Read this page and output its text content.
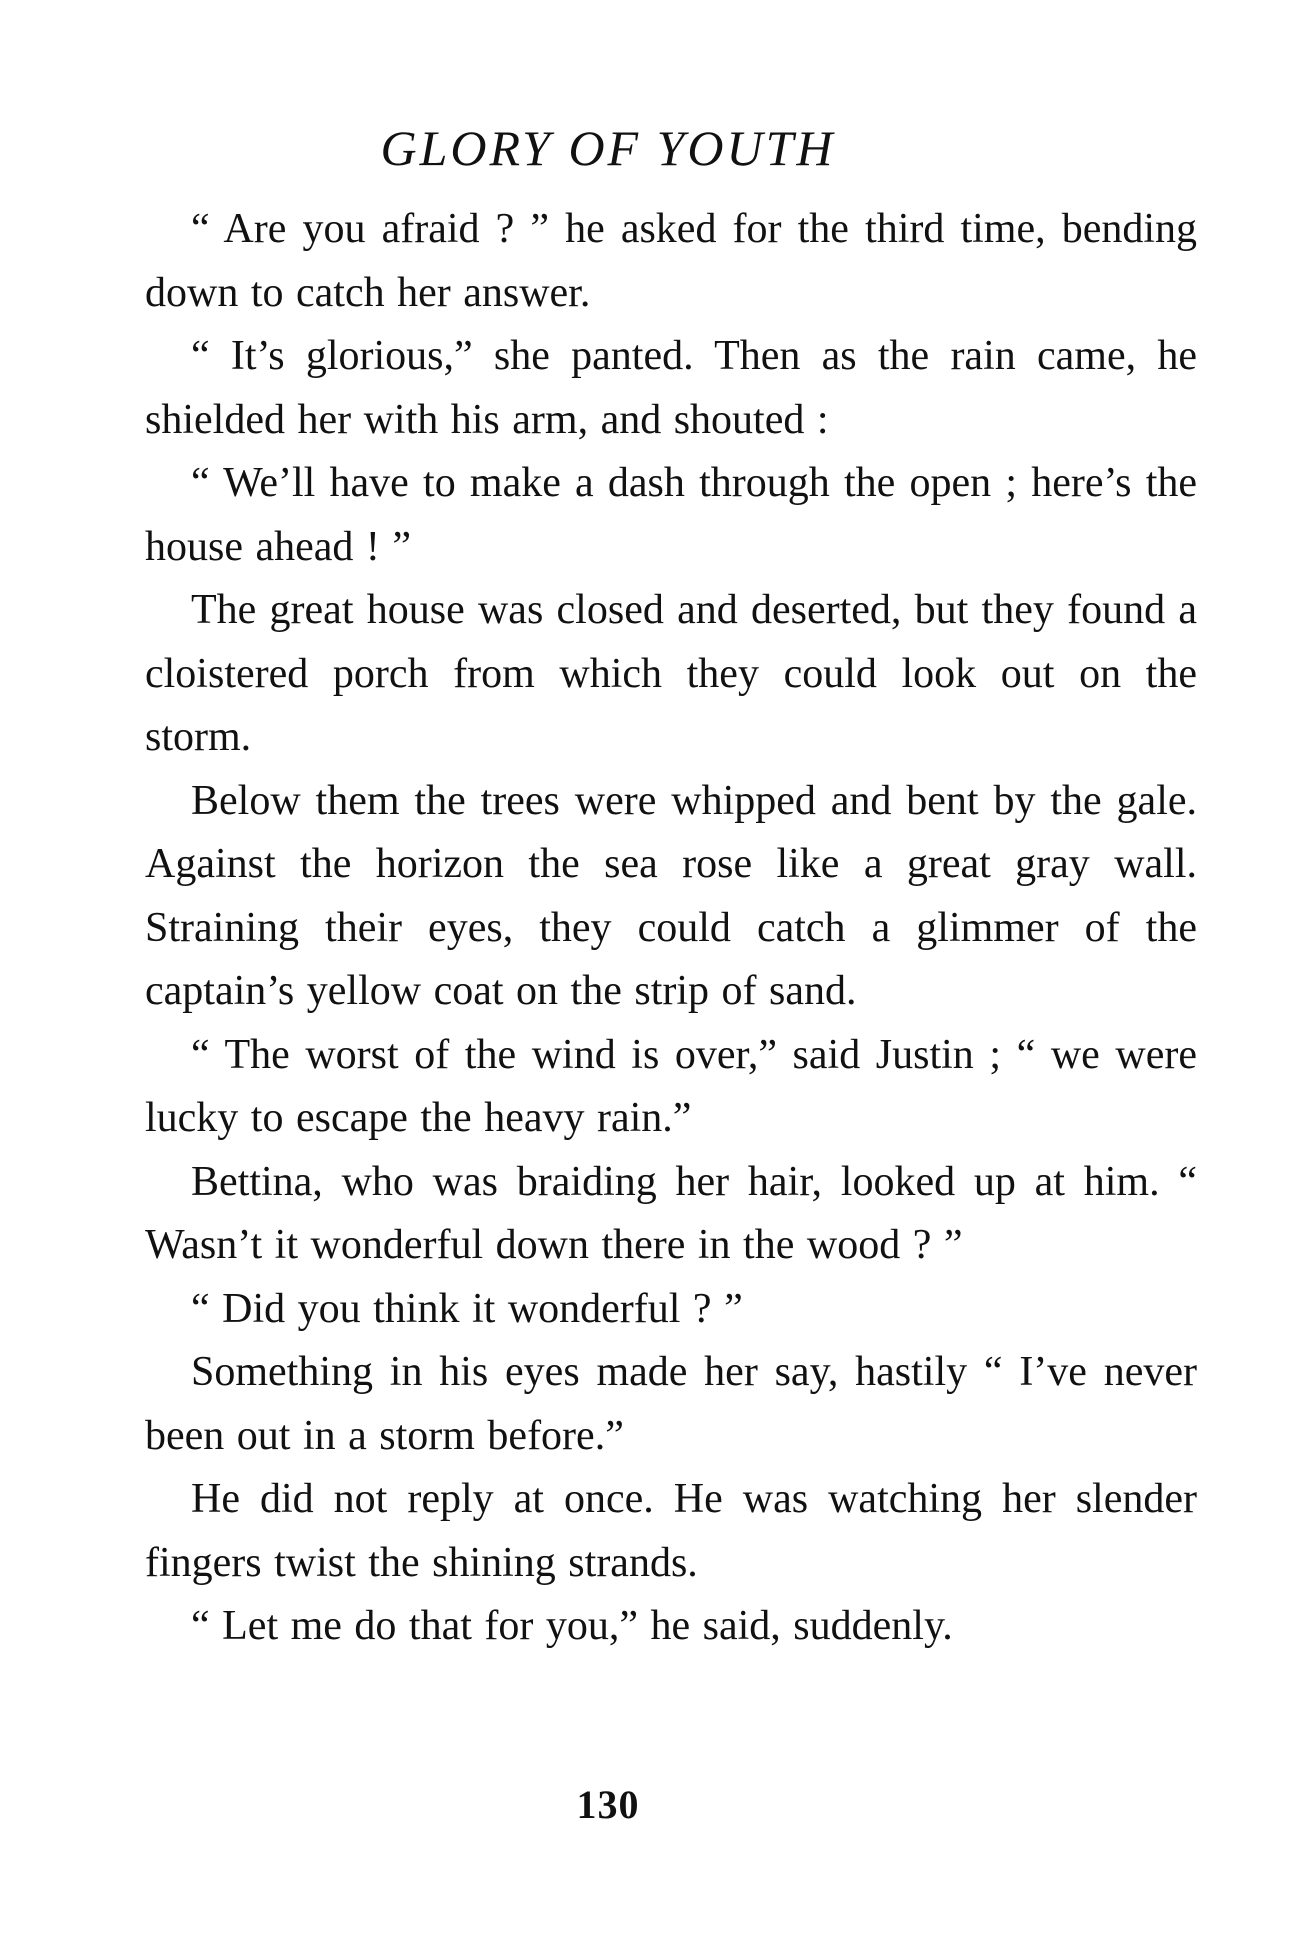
GLORY OF YOUTH

“ Are you afraid ? ” he asked for the third time, bending down to catch her answer.

“ It’s glorious,” she panted. Then as the rain came, he shielded her with his arm, and shouted :

“ We’ll have to make a dash through the open ; here’s the house ahead ! ”

The great house was closed and deserted, but they found a cloistered porch from which they could look out on the storm.

Below them the trees were whipped and bent by the gale. Against the horizon the sea rose like a great gray wall. Straining their eyes, they could catch a glimmer of the captain’s yellow coat on the strip of sand.

“ The worst of the wind is over,” said Justin ; “ we were lucky to escape the heavy rain.”

Bettina, who was braiding her hair, looked up at him. “ Wasn’t it wonderful down there in the wood ? ”

“ Did you think it wonderful ? ”

Something in his eyes made her say, hastily “ I’ve never been out in a storm before.”

He did not reply at once. He was watching her slender fingers twist the shining strands.

“ Let me do that for you,” he said, suddenly.

130
